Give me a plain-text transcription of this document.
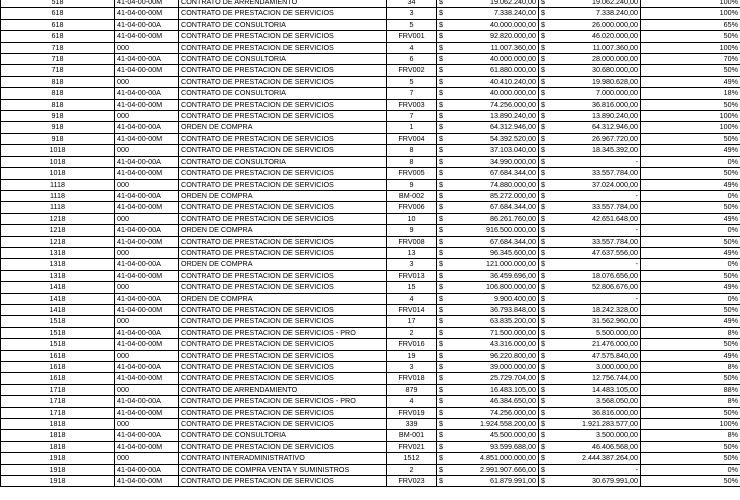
518	41-04-00-00M	CONTRATO DE ARRENDAMIENTO	34	$	19.062.240,00	$	19.062.240,00	100%
618	41-04-00-00M	CONTRATO DE PRESTACION DE SERVICIOS	3	$	7.338.240,00	$	7.338.240,00	100%
618	41-04-00-00A	CONTRATO DE CONSULTORIA	5	$	40.000.000,00	$	26.000.000,00	65%
618	41-04-00-00M	CONTRATO DE PRESTACION DE SERVICIOS	FRV001	$	92.820.000,00	$	46.020.000,00	50%
718	000	CONTRATO DE PRESTACION DE SERVICIOS	4	$	11.007.360,00	$	11.007.360,00	100%
718	41-04-00-00A	CONTRATO DE CONSULTORIA	6	$	40.000.000,00	$	28.000.000,00	70%
718	41-04-00-00M	CONTRATO DE PRESTACION DE SERVICIOS	FRV002	$	61.880.000,00	$	30.680.000,00	50%
818	000	CONTRATO DE PRESTACION DE SERVICIOS	5	$	40.410.240,00	$	19.980.628,00	49%
818	41-04-00-00A	CONTRATO DE CONSULTORIA	7	$	40.000.000,00	$	7.000.000,00	18%
818	41-04-00-00M	CONTRATO DE PRESTACION DE SERVICIOS	FRV003	$	74.256.000,00	$	36.816.000,00	50%
918	000	CONTRATO DE PRESTACION DE SERVICIOS	7	$	13.890.240,00	$	13.890.240,00	100%
918	41-04-00-00A	ORDEN DE COMPRA	1	$	64.312.946,00	$	64.312.946,00	100%
918	41-04-00-00M	CONTRATO DE PRESTACION DE SERVICIOS	FRV004	$	54.392.520,00	$	26.967.720,00	50%
1018	000	CONTRATO DE PRESTACION DE SERVICIOS	8	$	37.103.040,00	$	18.345.392,00	49%
1018	41-04-00-00A	CONTRATO DE CONSULTORIA	8	$	34.990.000,00	$	-	0%
1018	41-04-00-00M	CONTRATO DE PRESTACION DE SERVICIOS	FRV005	$	67.684.344,00	$	33.557.784,00	50%
1118	000	CONTRATO DE PRESTACION DE SERVICIOS	9	$	74.880.000,00	$	37.024.000,00	49%
1118	41-04-00-00A	ORDEN DE COMPRA	BM-002	$	85.272.000,00	$	-	0%
1118	41-04-00-00M	CONTRATO DE PRESTACION DE SERVICIOS	FRV006	$	67.684.344,00	$	33.557.784,00	50%
1218	000	CONTRATO DE PRESTACION DE SERVICIOS	10	$	86.261.760,00	$	42.651.648,00	49%
1218	41-04-00-00A	ORDEN DE COMPRA	9	$	916.500.000,00	$	-	0%
1218	41-04-00-00M	CONTRATO DE PRESTACION DE SERVICIOS	FRV008	$	67.684.344,00	$	33.557.784,00	50%
1318	000	CONTRATO DE PRESTACION DE SERVICIOS	13	$	96.345.600,00	$	47.637.556,00	49%
1318	41-04-00-00A	ORDEN DE COMPRA	3	$	121.000.000,00	$	-	0%
1318	41-04-00-00M	CONTRATO DE PRESTACION DE SERVICIOS	FRV013	$	36.459.696,00	$	18.076.656,00	50%
1418	000	CONTRATO DE PRESTACION DE SERVICIOS	15	$	106.800.000,00	$	52.806.676,00	49%
1418	41-04-00-00A	ORDEN DE COMPRA	4	$	9.900.400,00	$	-	0%
1418	41-04-00-00M	CONTRATO DE PRESTACION DE SERVICIOS	FRV014	$	36.793.848,00	$	18.242.328,00	50%
1518	000	CONTRATO DE PRESTACION DE SERVICIOS	17	$	63.835.200,00	$	31.562.960,00	49%
1518	41-04-00-00A	CONTRATO DE PRESTACION DE SERVICIOS - PRO	2	$	71.500.000,00	$	5.500.000,00	8%
1518	41-04-00-00M	CONTRATO DE PRESTACION DE SERVICIOS	FRV016	$	43.316.000,00	$	21.476.000,00	50%
1618	000	CONTRATO DE PRESTACION DE SERVICIOS	19	$	96.220.800,00	$	47.575.840,00	49%
1618	41-04-00-00A	CONTRATO DE PRESTACION DE SERVICIOS	3	$	39.000.000,00	$	3.000.000,00	8%
1618	41-04-00-00M	CONTRATO DE PRESTACION DE SERVICIOS	FRV018	$	25.729.704,00	$	12.756.744,00	50%
1718	000	CONTRATO DE ARRENDAMIENTO	879	$	16.483.105,00	$	14.483.105,00	88%
1718	41-04-00-00A	CONTRATO DE PRESTACION DE SERVICIOS - PRO	4	$	46.384.650,00	$	3.568.050,00	8%
1718	41-04-00-00M	CONTRATO DE PRESTACION DE SERVICIOS	FRV019	$	74.256.000,00	$	36.816.000,00	50%
1818	000	CONTRATO DE PRESTACION DE SERVICIOS	339	$	1.924.558.200,00	$	1.921.283.577,00	100%
1818	41-04-00-00A	CONTRATO DE CONSULTORIA	BM-001	$	45.500.000,00	$	3.500.000,00	8%
1818	41-04-00-00M	CONTRATO DE PRESTACION DE SERVICIOS	FRV021	$	93.599.688,00	$	46.406.568,00	50%
1918	000	CONTRATO INTERADMINISTRATIVO	1512	$	4.851.000.000,00	$	2.444.387.264,00	50%
1918	41-04-00-00A	CONTRATO DE COMPRA VENTA Y SUMINISTROS	2	$	2.991.907.666,00	$	-	0%
1918	41-04-00-00M	CONTRATO DE PRESTACION DE SERVICIOS	FRV023	$	61.879.991,00	$	30.679.991,00	50%
